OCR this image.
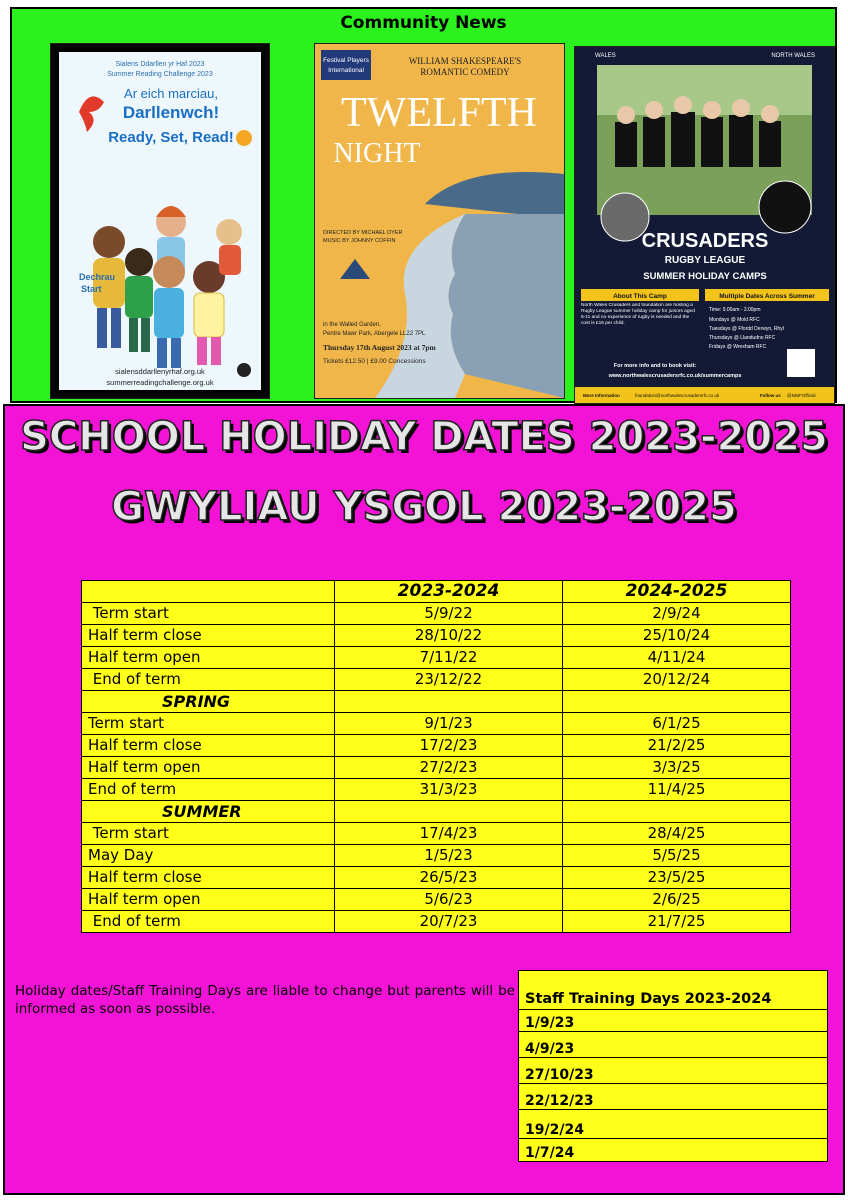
Community News
Sialens Ddarllen yr Haf 2023
Summer Reading Challenge 2023
Ar eich marciau,
Darllenwch!
Ready, Set, Read!
Dechrau
Start
sialensddarllenyrhaf.org.uk
summerreadingchallenge.org.uk
Festival Players
International
WILLIAM SHAKESPEARE'S
ROMANTIC COMEDY
TWELFTH
NIGHT
DIRECTED BY MICHAEL DYER
MUSIC BY JOHNNY COFFIN
in the Walled Garden,
Pentre Mawr Park, Abergele LL22 7PL
Thursday 17th August 2023 at 7pm
Tickets £12.50 | £9.00 Concessions
WALES	NORTH WALES
CRUSADERS
RUGBY LEAGUE
SUMMER HOLIDAY CAMPS
About This Camp	Multiple Dates Across Summer
North Wales Crusaders and foundation are hosting a Rugby League summer holiday camp for juniors aged 5-11 and no experience of rugby is needed and the cost is £15 per child.
Time: 9.00am - 3.00pm
Mondays @ Mold RFC
Tuesdays @ Ffordd Derwyn, Rhyl
Thursdays @ Llandudno RFC
Fridays @ Wrexham RFC
For more info and to book visit:
www.northwalescrusadersrfc.co.uk/summercamps
More Information	foundation@northwalescrusadersrfc.co.uk	Follow us @NWFOfficial
SCHOOL HOLIDAY DATES 2023-2025
GWYLIAU YSGOL 2023-2025
	2023-2024	2024-2025
Term start	5/9/22	2/9/24
Half term close	28/10/22	25/10/24
Half term open	7/11/22	4/11/24
End of term	23/12/22	20/12/24
SPRING		
Term start	9/1/23	6/1/25
Half term close	17/2/23	21/2/25
Half term open	27/2/23	3/3/25
End of term	31/3/23	11/4/25
SUMMER		
Term start	17/4/23	28/4/25
May Day	1/5/23	5/5/25
Half term close	26/5/23	23/5/25
Half term open	5/6/23	2/6/25
End of term	20/7/23	21/7/25
Holiday dates/Staff Training Days are liable to change but parents will be informed as soon as possible.
Staff Training Days 2023-2024
1/9/23
4/9/23
27/10/23
22/12/23
19/2/24
1/7/24
